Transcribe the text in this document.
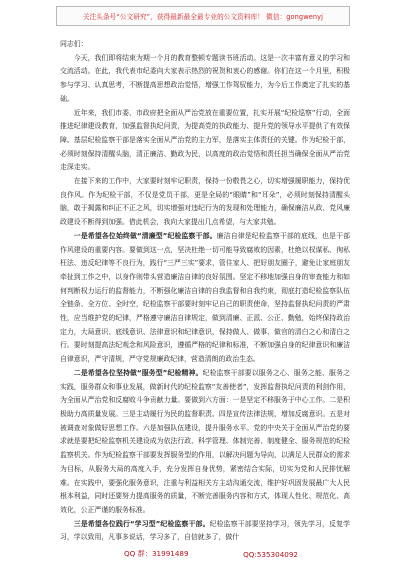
关注头条号“公文研究”，获得最新最全最专业的公文资料库！ 微信：gongwenyj

同志们：

今天，我们即将结束为期一个月的教育整顿专题读书班活动。这是一次丰富有意义的学习和交流活动。在此，我代表市纪委向大家表示热烈的祝贺和衷心的感谢。你们在这一个月里，积极参与学习、认真思考，不断提高思想政治觉悟，增强工作驾驭能力，为今后工作奠定了扎实的基础。

近年来，我们市委、市政府把全面从严治党放在重要位置，扎实开展“纪检巡察”行动，全面推进纪律建设教育，加强监督执纪问责，为提高党的执政能力、提升党的领导水平提供了有效保障。基层纪检监察干部是落实全面从严治党的主力军，是落实主体责任的关键。作为纪检干部，必须时刻保持清醒头脑，清正廉洁、勤政为民，以高度的政治觉悟和责任担当确保全面从严治党走深走实。

在接下来的工作中，大家要时刻牢记职责，保持一份敬畏之心，切实增强履职能力，保持优良作风。作为纪检干部，不仅是党员干部，更是全局的“眼睛”和“耳朵”，必须时刻保持清醒头脑，敢于揭露和纠正不正之风，切实增强对违纪行为的发现和处理能力，确保廉洁从政、党风廉政建设不断得到加强。借此机会，我向大家提出几点希望，与大家共勉。

一是希望各位始终做“清廉型”纪检监察干部。廉洁自律是纪检监察干部的底线，也是干部作风建设的重要内容。要做到这一点，坚决杜绝一切可能导致腐败的因素，杜绝以权谋私、徇私枉法、违反纪律等不良行为，践行“三严三实”要求，管住家人、把好朋友圈子，避免让家庭朋友牵扯到工作之中，以身作则带头营造廉洁自律的良好氛围。坚定不移地加强自身的审查能力和如何判断权力运行的监督能力，不断强化廉洁自律的自我监督和自我约束，彻底打造纪检监察队伍全链条、全方位、全时空，纪检监察干部要时刻牢记自己的职责使命，坚持监督执纪问责的严肃性，应当维护党的纪律，严格遵守廉洁自律规定，做到清廉、正派、公正、勤勉，始终保持政治定力，大局意识、底线意识、法律意识和纪律意识，保持做人、做事、做官的清白之心和清白之行。要时刻提高法纪观念和风险意识，遵循严格的纪律和标准，不断加强自身的纪律意识和廉洁自律意识，严守清规，严守党规廉政纪律，营造清朗的政治生态。

二是希望各位坚持做“服务型”纪检精神。纪检监察干部要以服务之心、服务之能、服务之实践，服务群众和事业发展，做新时代的纪检监察“友善使者”，发挥监督执纪问责的利剑作用，为全面从严治党和反腐败斗争贡献力量。要做到六方面：一是坚定不移服务于中心工作。二是积极助力高质量发展。三是主动履行为民的监督职责。四是宣传法律法规，增加反腐意识。五是对被调查对象做好思想工作。六是加强队伍建设，提升服务水平。党的中央关于全面从严治党的要求就是要把纪检监察机关建设成为依法行政、科学管理、体制完善、制度健全、服务规范的纪检监察机关。作为纪检监察干部要发挥服务型的作用，以解决问题为导向，以满足人民群众的需求为目标，从服务大局的高度入手，充分发挥自身优势，紧密结合实际，切实为党和人民排忧解难。在实践中，要强化服务意识，注重与利益相关方主动沟通交流，维护好巩固发展最广大人民根本利益，同时还要努力提高服务的质量，不断完善服务内容和方式，体现人性化、规范化、高效化，公正严谨的服务标准。

三是希望各位践行“学习型”纪检监察干部。纪检监察干部要坚持学习，领先学习，反复学习，学以致用，凡事多说话，学习多了，自信就多了，做什

QQ 群：31991489	QQ:535304092
